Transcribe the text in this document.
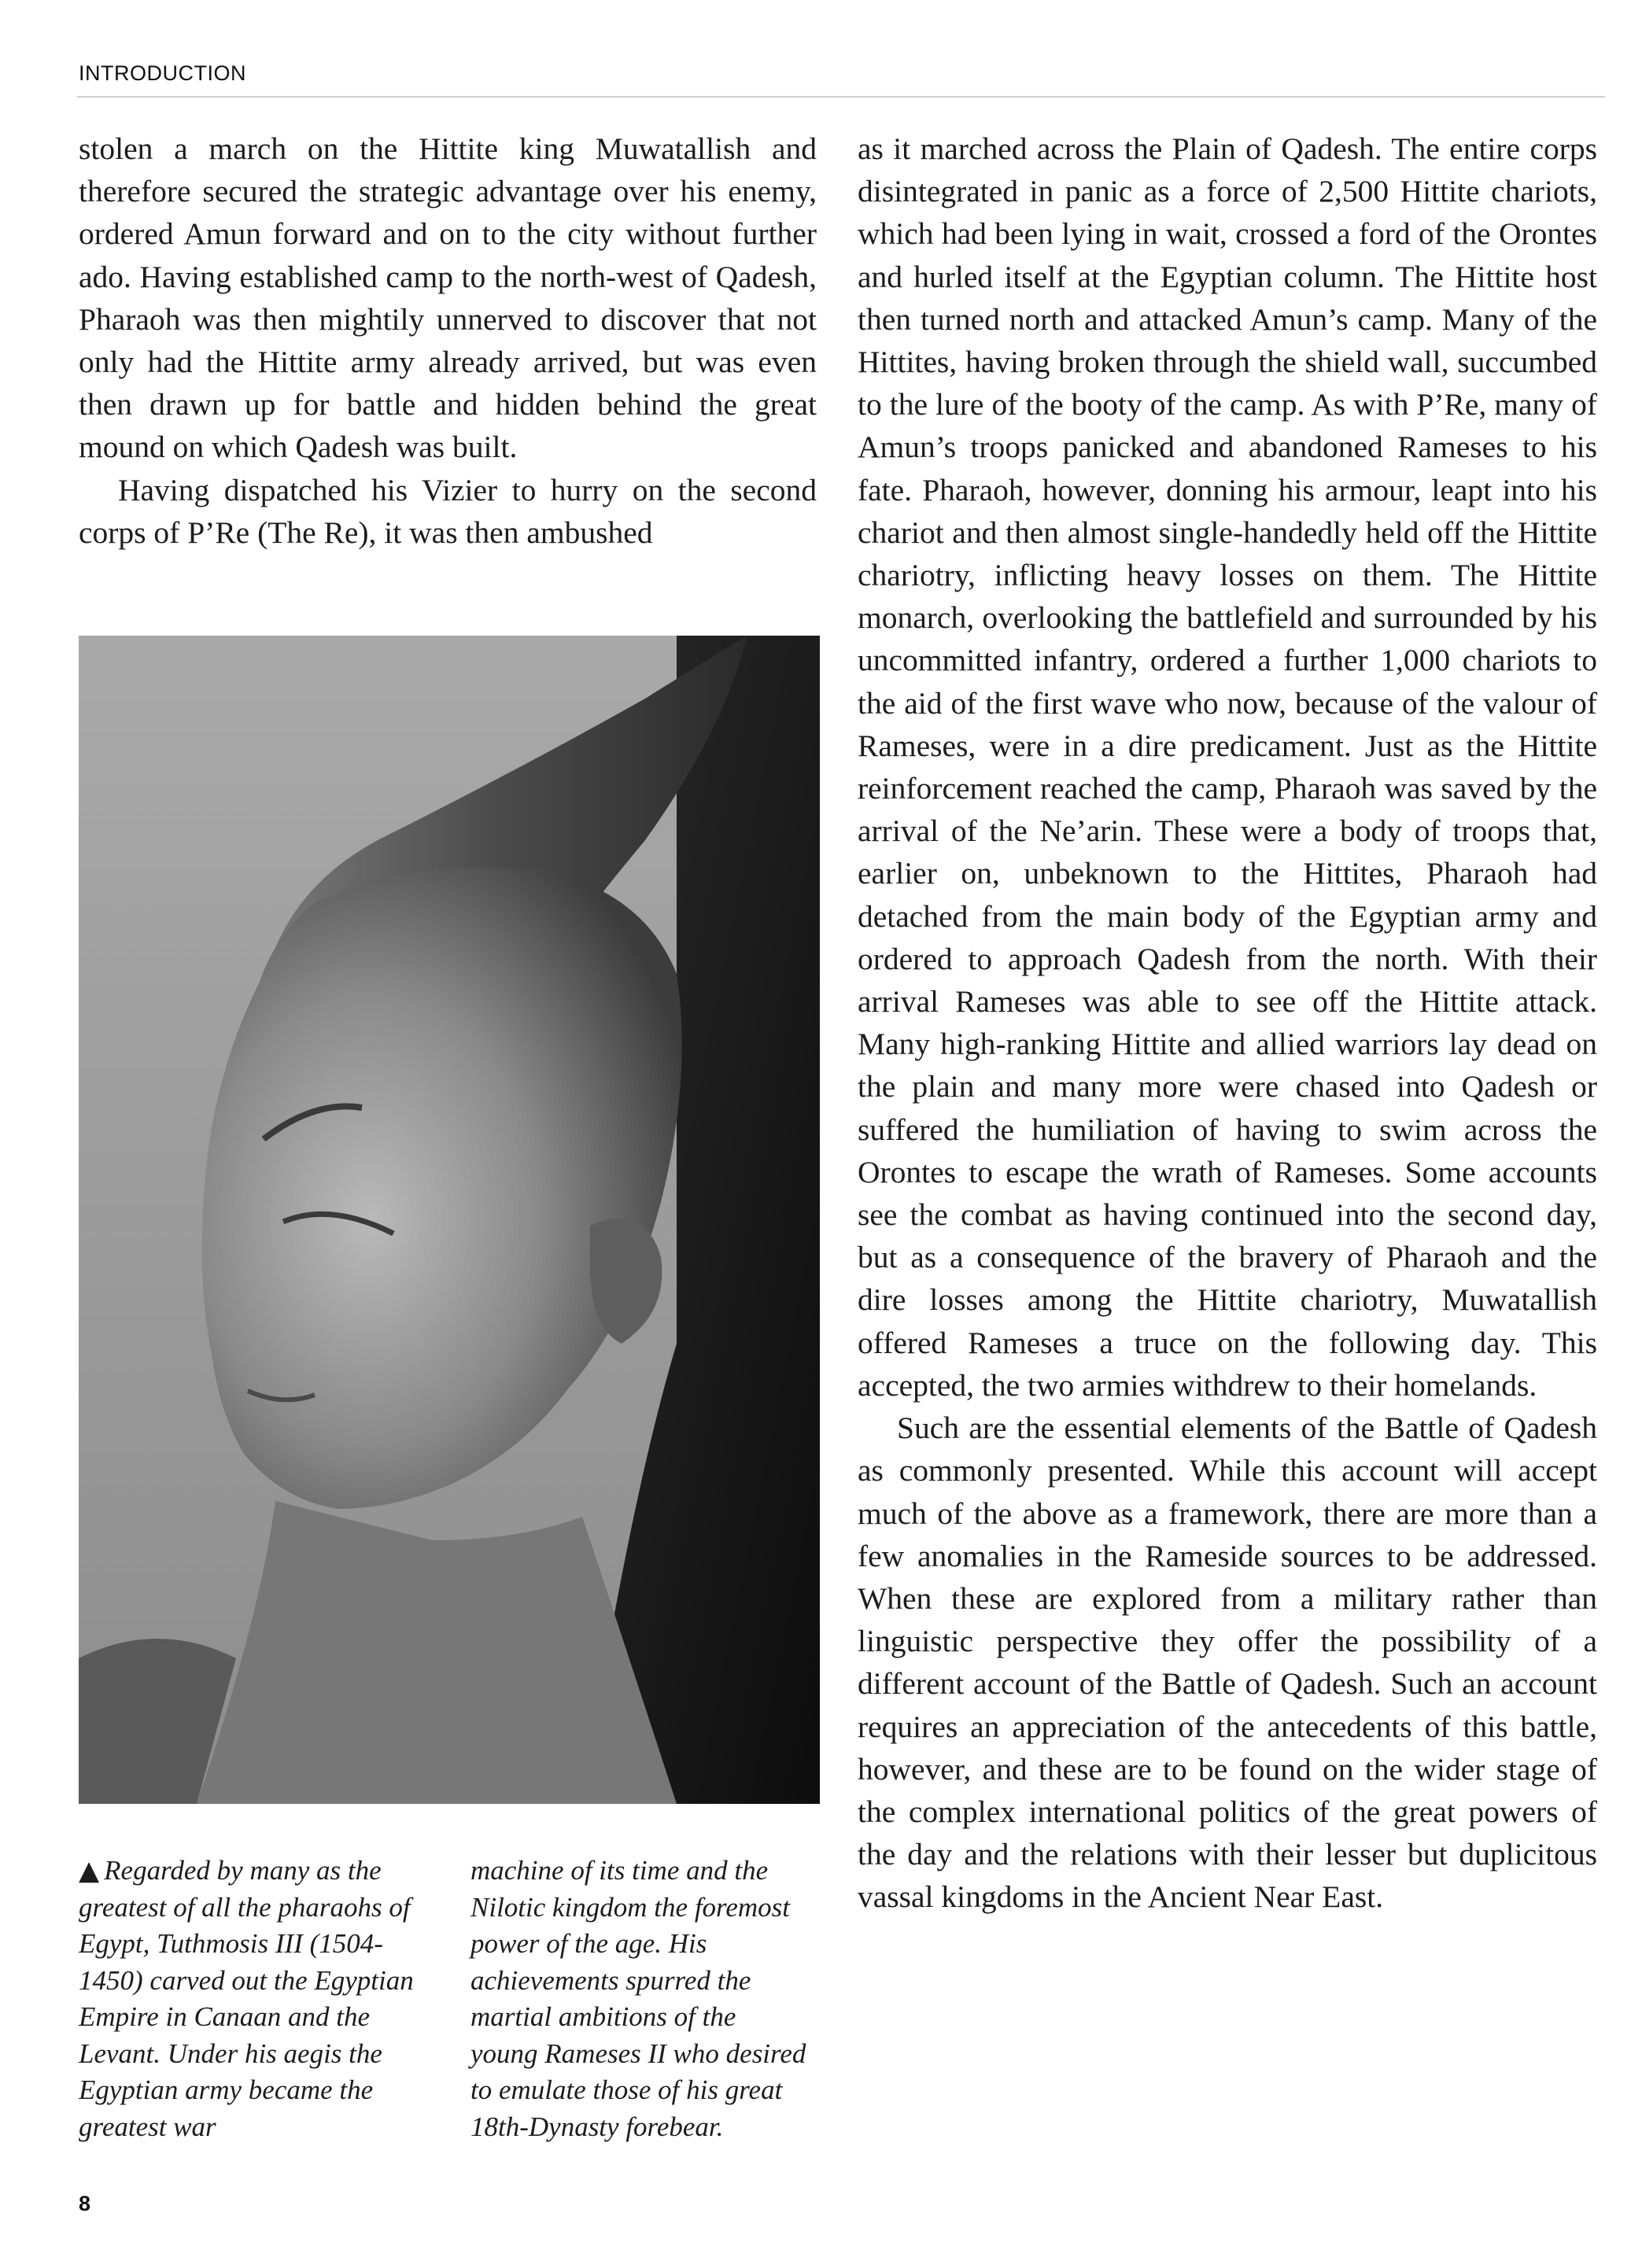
INTRODUCTION

stolen a march on the Hittite king Muwatallish and therefore secured the strategic advantage over his enemy, ordered Amun forward and on to the city without further ado. Having established camp to the north-west of Qadesh, Pharaoh was then mightily unnerved to discover that not only had the Hittite army already arrived, but was even then drawn up for battle and hidden behind the great mound on which Qadesh was built.

Having dispatched his Vizier to hurry on the second corps of P’Re (The Re), it was then ambushed

▲ Regarded by many as the greatest of all the pharaohs of Egypt, Tuthmosis III (1504-1450) carved out the Egyptian Empire in Canaan and the Levant. Under his aegis the Egyptian army became the greatest war
machine of its time and the Nilotic kingdom the foremost power of the age. His achievements spurred the martial ambitions of the young Rameses II who desired to emulate those of his great 18th-Dynasty forebear.

as it marched across the Plain of Qadesh. The entire corps disintegrated in panic as a force of 2,500 Hittite chariots, which had been lying in wait, crossed a ford of the Orontes and hurled itself at the Egyptian column. The Hittite host then turned north and attacked Amun’s camp. Many of the Hittites, having broken through the shield wall, succumbed to the lure of the booty of the camp. As with P’Re, many of Amun’s troops panicked and abandoned Rameses to his fate. Pharaoh, however, donning his armour, leapt into his chariot and then almost single-handedly held off the Hittite chariotry, inflicting heavy losses on them. The Hittite monarch, overlooking the battlefield and surrounded by his uncommitted infantry, ordered a further 1,000 chariots to the aid of the first wave who now, because of the valour of Rameses, were in a dire predicament. Just as the Hittite reinforcement reached the camp, Pharaoh was saved by the arrival of the Ne’arin. These were a body of troops that, earlier on, unbeknown to the Hittites, Pharaoh had detached from the main body of the Egyptian army and ordered to approach Qadesh from the north. With their arrival Rameses was able to see off the Hittite attack. Many high-ranking Hittite and allied warriors lay dead on the plain and many more were chased into Qadesh or suffered the humiliation of having to swim across the Orontes to escape the wrath of Rameses. Some accounts see the combat as having continued into the second day, but as a consequence of the bravery of Pharaoh and the dire losses among the Hittite chariotry, Muwatallish offered Rameses a truce on the following day. This accepted, the two armies withdrew to their homelands.

Such are the essential elements of the Battle of Qadesh as commonly presented. While this account will accept much of the above as a framework, there are more than a few anomalies in the Rameside sources to be addressed. When these are explored from a military rather than linguistic perspective they offer the possibility of a different account of the Battle of Qadesh. Such an account requires an appreciation of the antecedents of this battle, however, and these are to be found on the wider stage of the complex international politics of the great powers of the day and the relations with their lesser but duplicitous vassal kingdoms in the Ancient Near East.

8
